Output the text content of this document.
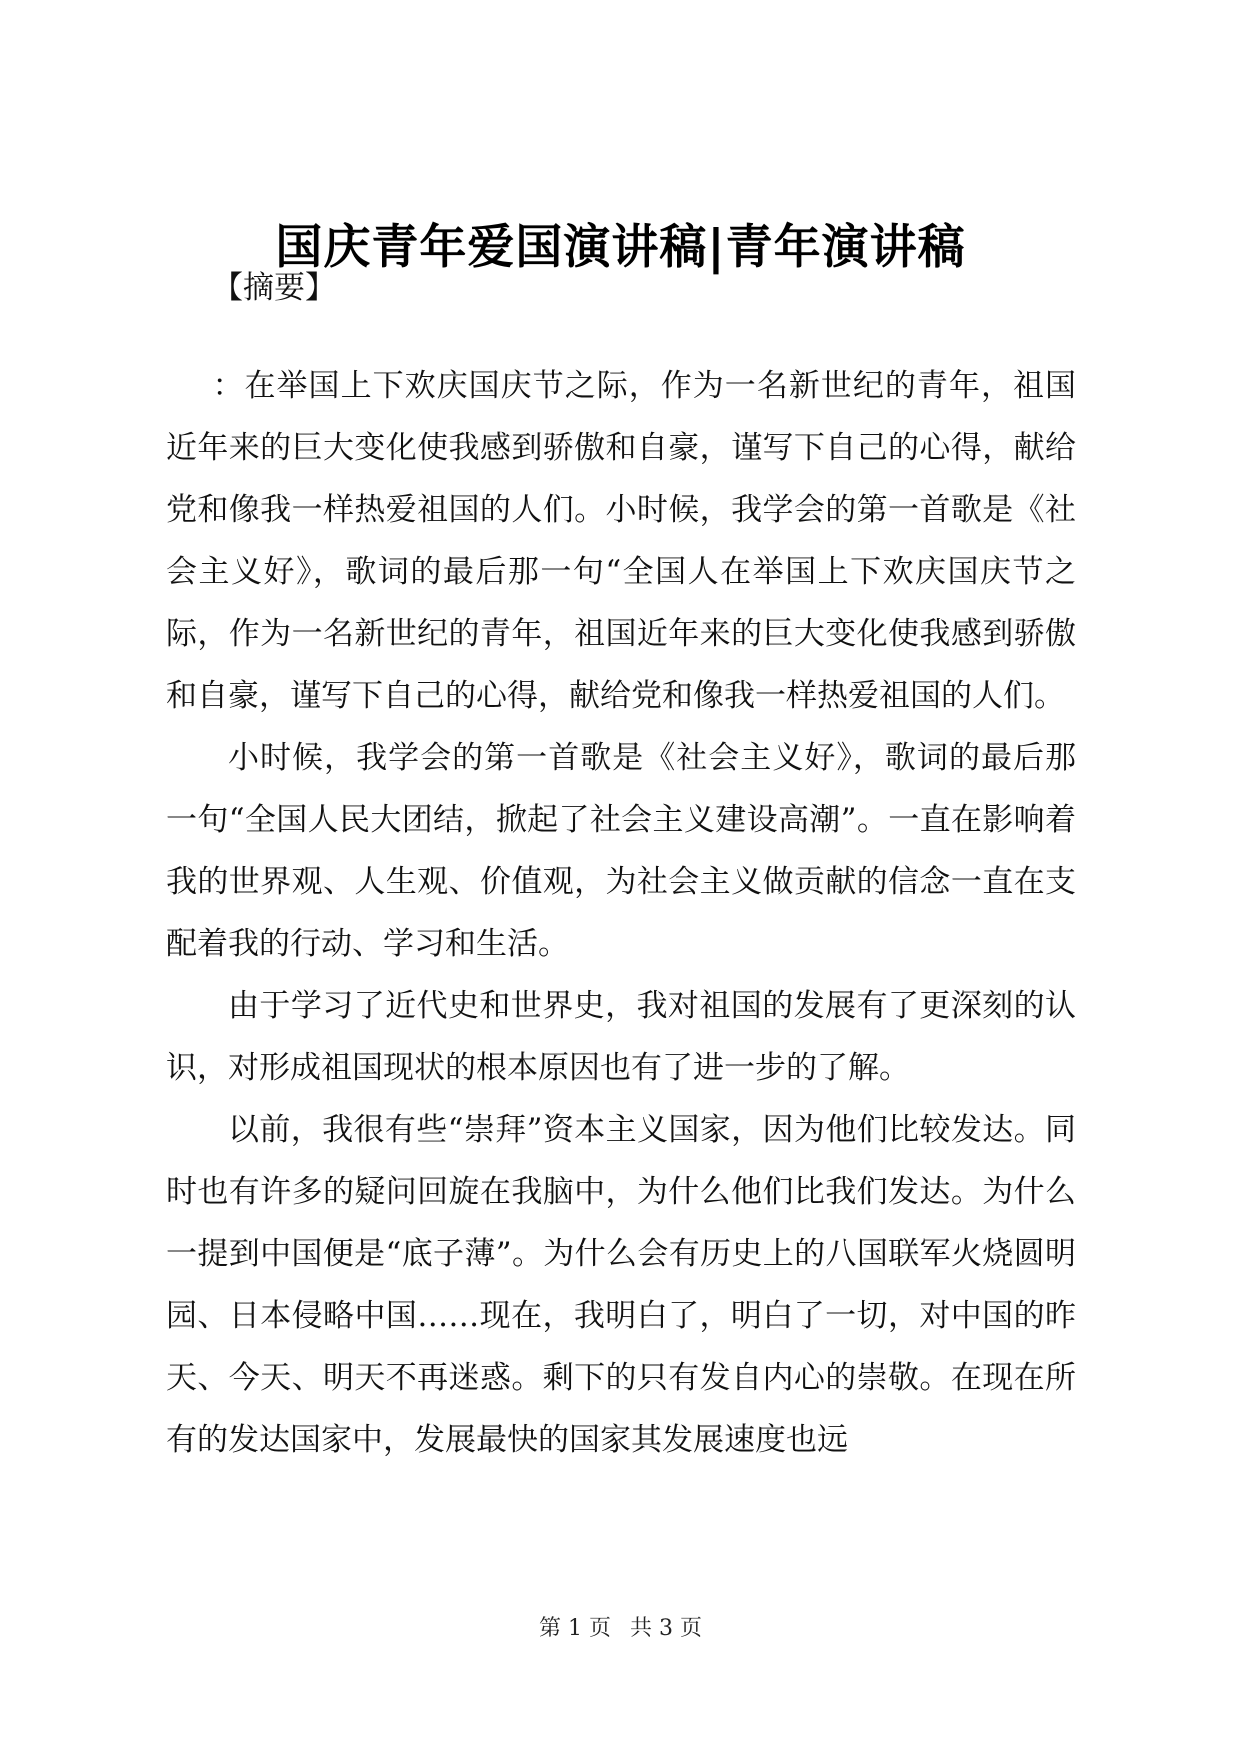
国庆青年爱国演讲稿|青年演讲稿
【摘要】

：在举国上下欢庆国庆节之际，作为一名新世纪的青年，祖国近年来的巨大变化使我感到骄傲和自豪，谨写下自己的心得，献给党和像我一样热爱祖国的人们。小时候，我学会的第一首歌是《社会主义好》，歌词的最后那一句“全国人在举国上下欢庆国庆节之际，作为一名新世纪的青年，祖国近年来的巨大变化使我感到骄傲和自豪，谨写下自己的心得，献给党和像我一样热爱祖国的人们。

小时候，我学会的第一首歌是《社会主义好》，歌词的最后那一句“全国人民大团结，掀起了社会主义建设高潮”。一直在影响着我的世界观、人生观、价值观，为社会主义做贡献的信念一直在支配着我的行动、学习和生活。

由于学习了近代史和世界史，我对祖国的发展有了更深刻的认识，对形成祖国现状的根本原因也有了进一步的了解。

以前，我很有些“崇拜”资本主义国家，因为他们比较发达。同时也有许多的疑问回旋在我脑中，为什么他们比我们发达。为什么一提到中国便是“底子薄”。为什么会有历史上的八国联军火烧圆明园、日本侵略中国……现在，我明白了，明白了一切，对中国的昨天、今天、明天不再迷惑。剩下的只有发自内心的崇敬。在现在所有的发达国家中，发展最快的国家其发展速度也远

第 1 页 共 3 页
